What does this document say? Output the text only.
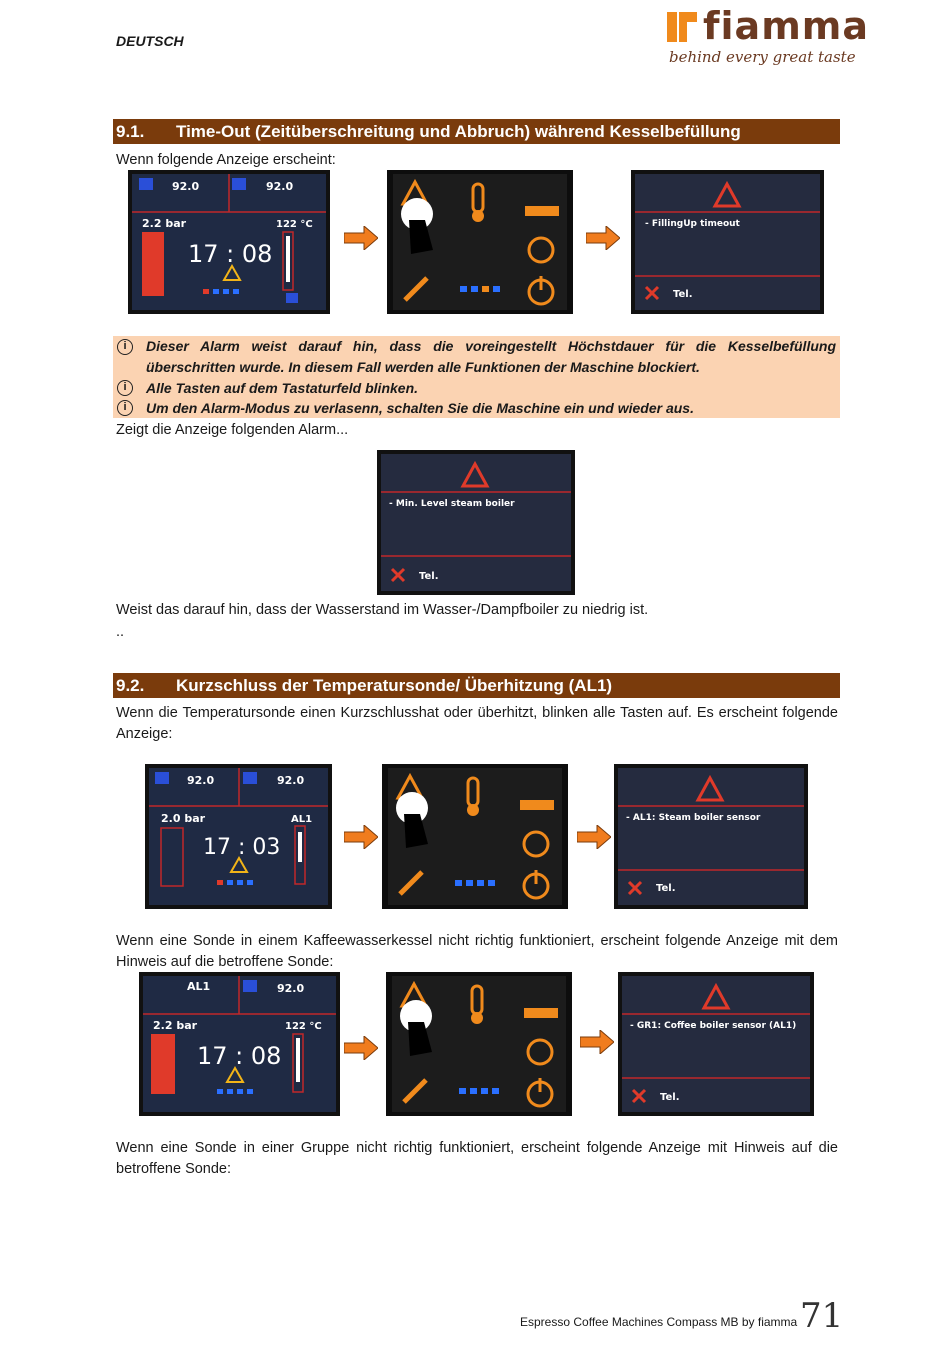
DEUTSCH	fiamma
behind every great taste
9.1. Time-Out (Zeitüberschreitung und Abbruch) während Kesselbefüllung
Wenn folgende Anzeige erscheint:
92.0	92.0
2.2 bar	122 °C
17 : 08
- FillingUp timeout
Tel.
i	Dieser Alarm weist darauf hin, dass die voreingestellt Höchstdauer für die Kesselbefüllung überschritten wurde. In diesem Fall werden alle Funktionen der Maschine blockiert.
i	Alle Tasten auf dem Tastaturfeld blinken.
i	Um den Alarm-Modus zu verlasenn, schalten Sie die Maschine ein und wieder aus.
Zeigt die Anzeige folgenden Alarm...
- Min. Level steam boiler
Tel.
Weist das darauf hin, dass der Wasserstand im Wasser-/Dampfboiler zu niedrig ist.
..
9.2. Kurzschluss der Temperatursonde/ Überhitzung (AL1)
Wenn die Temperatursonde einen Kurzschlusshat oder überhitzt, blinken alle Tasten auf. Es erscheint folgende Anzeige:
92.0	92.0
2.0 bar	AL1
17 : 03
- AL1: Steam boiler sensor
Tel.
Wenn eine Sonde in einem Kaffeewasserkessel nicht richtig funktioniert, erscheint folgende Anzeige mit dem Hinweis auf die betroffene Sonde:
AL1	92.0
2.2 bar	122 °C
17 : 08
- GR1: Coffee boiler sensor (AL1)
Tel.
Wenn eine Sonde in einer Gruppe nicht richtig funktioniert, erscheint folgende Anzeige mit Hinweis auf die betroffene Sonde:
Espresso Coffee Machines Compass MB by fiamma 71
